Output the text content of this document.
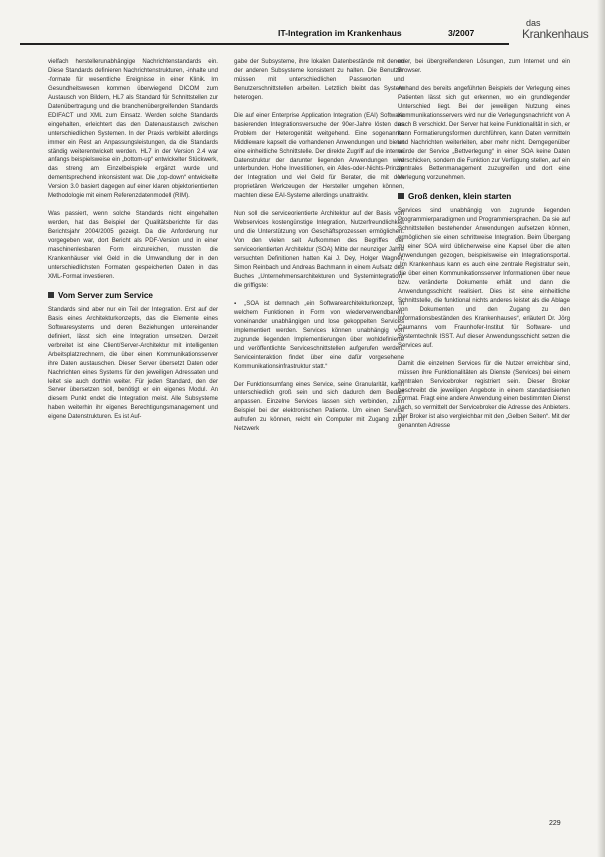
IT-Integration im Krankenhaus	3/2007
das
Krankenhaus

vielfach herstellerunabhängige Nachrichtenstandards ein. Diese Standards definieren Nachrichtenstrukturen, -inhalte und -formate für wesentliche Ereignisse in einer Klinik. Im Gesundheitswesen kommen überwiegend DICOM zum Austausch von Bildern, HL7 als Standard für Schnittstellen zur Datenübertragung und die branchenübergreifenden Standards EDIFACT und XML zum Einsatz. Werden solche Standards eingehalten, erleichtert das den Datenaustausch zwischen unterschiedlichen Systemen. In der Praxis verbleibt allerdings immer ein Rest an Anpassungsleistungen, da die Standards ständig weiterentwickelt werden. HL7 in der Version 2.4 war anfangs beispielsweise ein „bottom-up“ entwickelter Stückwerk, das streng am Einzelbeispiele ergänzt wurde und dementsprechend inkonsistent war. Die „top-down“ entwickelte Version 3.0 basiert dagegen auf einer klaren objektorientierten Methodologie mit einem Referenzdatenmodell (RIM).

Was passiert, wenn solche Standards nicht eingehalten werden, hat das Beispiel der Qualitätsberichte für das Berichtsjahr 2004/2005 gezeigt. Da die Anforderung nur vorgegeben war, dort Bericht als PDF-Version und in einer maschinenlesbaren Form einzureichen, mussten die Krankenhäuser viel Geld in die Umwandlung der in den unterschiedlichsten Formaten gespeicherten Daten in das XML-Format investieren.

Vom Server zum Service

Standards sind aber nur ein Teil der Integration. Erst auf der Basis eines Architekturkonzepts, das die Elemente eines Softwaresystems und deren Beziehungen untereinander definiert, lässt sich eine Integration umsetzen. Derzeit verbreitet ist eine Client/Server-Architektur mit intelligenten Arbeitsplatzrechnern, die über einen Kommunikationsserver ihre Daten austauschen. Dieser Server übersetzt Daten oder Nachrichten eines Systems für den jeweiligen Adressaten und leitet sie auch dorthin weiter. Für jeden Standard, den der Server übersetzen soll, benötigt er ein eigenes Modul. An diesem Punkt endet die Integration meist. Alle Subsysteme haben weiterhin ihr eigenes Berechtigungsmanagement und eigene Datenstrukturen. Es ist Auf-

gabe der Subsysteme, ihre lokalen Datenbestände mit denen der anderen Subsysteme konsistent zu halten. Die Benutzer müssen mit unterschiedlichen Passworten und Benutzerschnittstellen arbeiten. Letztlich bleibt das System heterogen.

Die auf einer Enterprise Application Integration (EAI) Software basierenden Integrationsversuche der 90er-Jahre lösten das Problem der Heterogenität weitgehend. Eine sogenannte Middleware kapselt die vorhandenen Anwendungen und bietet eine einheitliche Schnittstelle. Der direkte Zugriff auf die interne Datenstruktur der darunter liegenden Anwendungen wird unterbunden. Hohe Investitionen, ein Alles-oder-Nichts-Prinzip der Integration und viel Geld für Berater, die mit den proprietären Werkzeugen der Hersteller umgehen können, machten diese EAI-Systeme allerdings unattraktiv.

Nun soll die serviceorientierte Architektur auf der Basis von Webservices kostengünstige Integration, Nutzerfreundlichkeit und die Unterstützung von Geschäftsprozessen ermöglichen. Von den vielen seit Aufkommen des Begriffes der serviceorientierten Architektur (SOA) Mitte der neunziger Jahre versuchten Definitionen hatten Kai J. Dey, Holger Wagner, Simon Reinbach und Andreas Bachmann in einem Aufsatz des Buches „Unternehmensarchitekturen und Systemintegration“ die griffigste:

▪ „SOA ist demnach „ein Softwarearchitekturkonzept, in welchem Funktionen in Form von wiederverwendbaren, voneinander unabhängigen und lose gekoppelten Services implementiert werden. Services können unabhängig von zugrunde liegenden Implementierungen über wohldefinierte und veröffentlichte Serviceschnittstellen aufgerufen werden. Serviceinteraktion findet über eine dafür vorgesehene Kommunikationsinfrastruktur statt.“

Der Funktionsumfang eines Service, seine Granularität, kann unterschiedlich groß sein und sich dadurch dem Bedarf anpassen. Einzelne Services lassen sich verbinden, zum Beispiel bei der elektronischen Patiente. Um einen Service aufrufen zu können, reicht ein Computer mit Zugang zum Netzwerk

oder, bei übergreifenderen Lösungen, zum Internet und ein Browser.

Anhand des bereits angeführten Beispiels der Verlegung eines Patienten lässt sich gut erkennen, wo ein grundlegender Unterschied liegt. Bei der jeweiligen Nutzung eines Kommunikationsservers wird nur die Verlegungsnachricht von A nach B verschickt. Der Server hat keine Funktionalität in sich, er kann Formatierungsformen durchführen, kann Daten vermitteln und Nachrichten weiterleiten, aber mehr nicht. Demgegenüber würde der Service „Bettverlegung“ in einer SOA keine Daten verschicken, sondern die Funktion zur Verfügung stellen, auf ein zentrales Bettenmanagement zuzugreifen und dort eine Verlegung vorzunehmen.

Groß denken, klein starten

Services sind unabhängig von zugrunde liegenden Programmierparadigmen und Programmiersprachen. Da sie auf Schnittstellen bestehender Anwendungen aufsetzen können, ermöglichen sie einen schrittweise Integration. Beim Übergang zu einer SOA wird üblicherweise eine Kapsel über die alten Anwendungen gezogen, beispielsweise ein Integrationsportal. „Im Krankenhaus kann es auch eine zentrale Registratur sein, die über einen Kommunikationsserver Informationen über neue bzw. veränderte Dokumente erhält und dann die Anwendungsschicht realisiert. Dies ist eine einheitliche Schnittstelle, die funktional nichts anderes leistet als die Ablage von Dokumenten und den Zugang zu den Informationsbeständen des Krankenhauses“, erläutert Dr. Jörg Caumanns vom Fraunhofer-Institut für Software- und Systemtechnik ISST. Auf dieser Anwendungsschicht setzen die Services auf.

Damit die einzelnen Services für die Nutzer erreichbar sind, müssen ihre Funktionalitäten als Dienste (Services) bei einem zentralen Servicebroker registriert sein. Dieser Broker beschreibt die jeweiligen Angebote in einem standardisierten Format. Fragt eine andere Anwendung einen bestimmten Dienst nach, so vermittelt der Servicebroker die Adresse des Anbieters. Der Broker ist also vergleichbar mit den „Gelben Seiten“. Mit der genannten Adresse

229
